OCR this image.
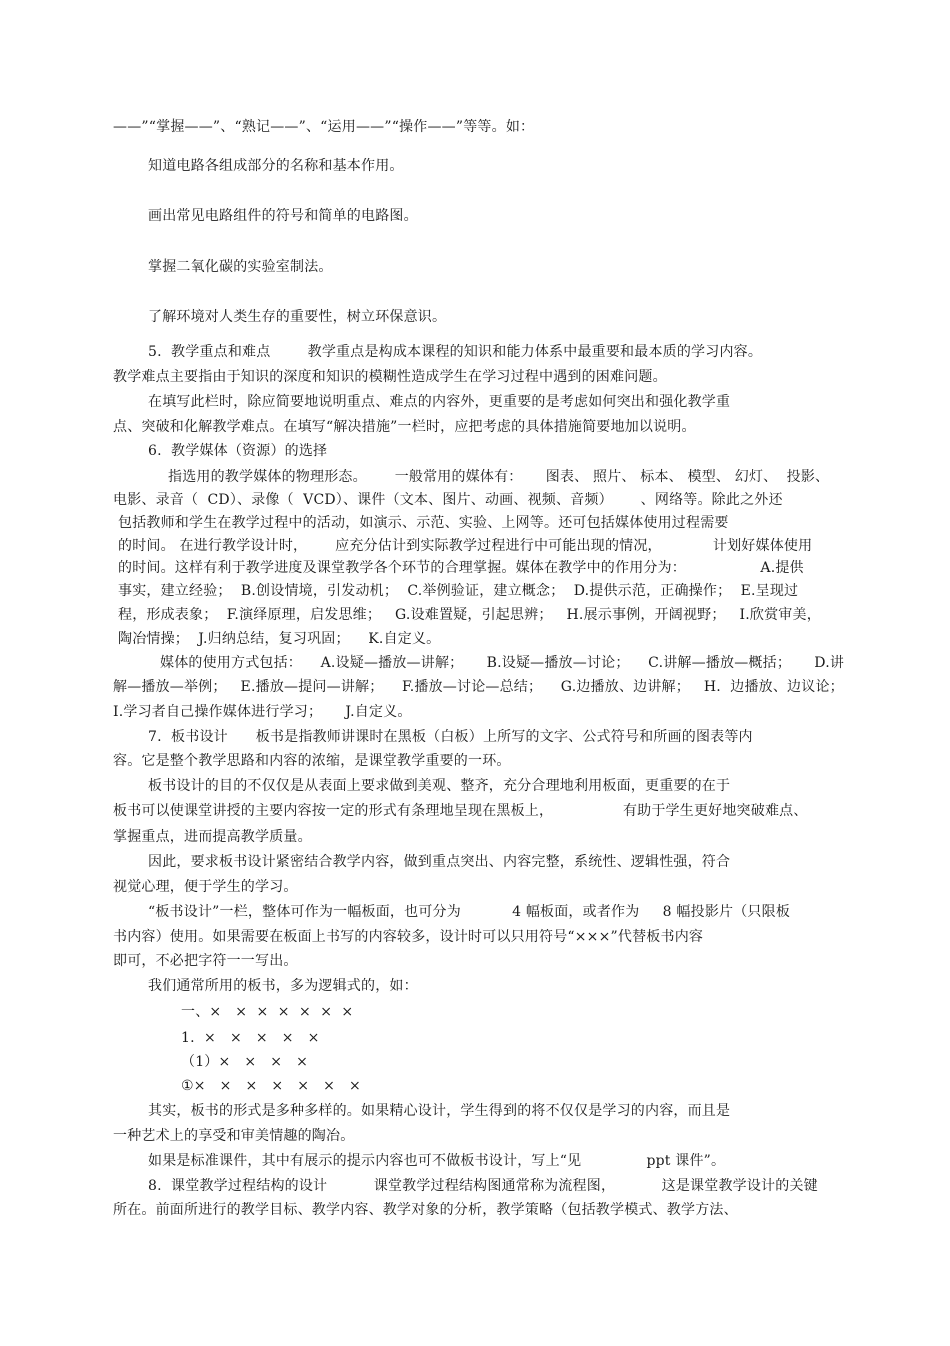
——”“掌握——”、“熟记——”、“运用——”“操作——”等等。如：
知道电路各组成部分的名称和基本作用。
画出常见电路组件的符号和简单的电路图。
掌握二氧化碳的实验室制法。
了解环境对人类生存的重要性，树立环保意识。
5.  教学重点和难点        教学重点是构成本课程的知识和能力体系中最重要和最本质的学习内容。
教学难点主要指由于知识的深度和知识的模糊性造成学生在学习过程中遇到的困难问题。
在填写此栏时，除应简要地说明重点、难点的内容外，更重要的是考虑如何突出和强化教学重
点、突破和化解教学难点。在填写“解决措施”一栏时，应把考虑的具体措施简要地加以说明。
6.  教学媒体（资源）的选择
指选用的教学媒体的物理形态。      一般常用的媒体有：     图表、 照片、 标本、 模型、 幻灯、  投影、
电影、录音（  CD）、录像（  VCD）、课件（文本、图片、动画、视频、音频）      、网络等。除此之外还
包括教师和学生在教学过程中的活动，如演示、示范、实验、上网等。还可包括媒体使用过程需要
的时间。 在进行教学设计时，      应充分估计到实际教学过程进行中可能出现的情况，           计划好媒体使用
的时间。这样有利于教学进度及课堂教学各个环节的合理掌握。媒体在教学中的作用分为：                A.提供
事实，建立经验；  B.创设情境，引发动机；  C.举例验证，建立概念；  D.提供示范，正确操作；  E.呈现过
程，形成表象；  F.演绎原理，启发思维；   G.设难置疑，引起思辨；   H.展示事例，开阔视野；   I.欣赏审美，
陶冶情操；  J.归纳总结，复习巩固；    K.自定义。
媒体的使用方式包括：    A.设疑—播放—讲解；     B.设疑—播放—讨论；    C.讲解—播放—概括；     D.讲
解—播放—举例；   E.播放—提问—讲解；    F.播放—讨论—总结；    G.边播放、边讲解；   H.  边播放、边议论；
I.学习者自己操作媒体进行学习；     J.自定义。
7.  板书设计      板书是指教师讲课时在黑板（白板）上所写的文字、公式符号和所画的图表等内
容。它是整个教学思路和内容的浓缩，是课堂教学重要的一环。
板书设计的目的不仅仅是从表面上要求做到美观、整齐，充分合理地利用板面，更重要的在于
板书可以使课堂讲授的主要内容按一定的形式有条理地呈现在黑板上，               有助于学生更好地突破难点、
掌握重点，进而提高教学质量。
因此，要求板书设计紧密结合教学内容，做到重点突出、内容完整，系统性、逻辑性强，符合
视觉心理，便于学生的学习。
“板书设计”一栏，整体可作为一幅板面，也可分为           4 幅板面，或者作为     8 幅投影片（只限板
书内容）使用。如果需要在板面上书写的内容较多，设计时可以只用符号“×××”代替板书内容
即可，不必把字符一一写出。
我们通常所用的板书，多为逻辑式的，如：
一、×   ×  ×  ×  ×  ×  ×
1.  ×   ×   ×   ×   ×
（1）×   ×   ×   ×
①×   ×   ×   ×   ×   ×   ×
其实，板书的形式是多种多样的。如果精心设计，学生得到的将不仅仅是学习的内容，而且是
一种艺术上的享受和审美情趣的陶冶。
如果是标准课件，其中有展示的提示内容也可不做板书设计，写上“见              ppt 课件”。
8.  课堂教学过程结构的设计          课堂教学过程结构图通常称为流程图，          这是课堂教学设计的关键
所在。前面所进行的教学目标、教学内容、教学对象的分析，教学策略（包括教学模式、教学方法、
